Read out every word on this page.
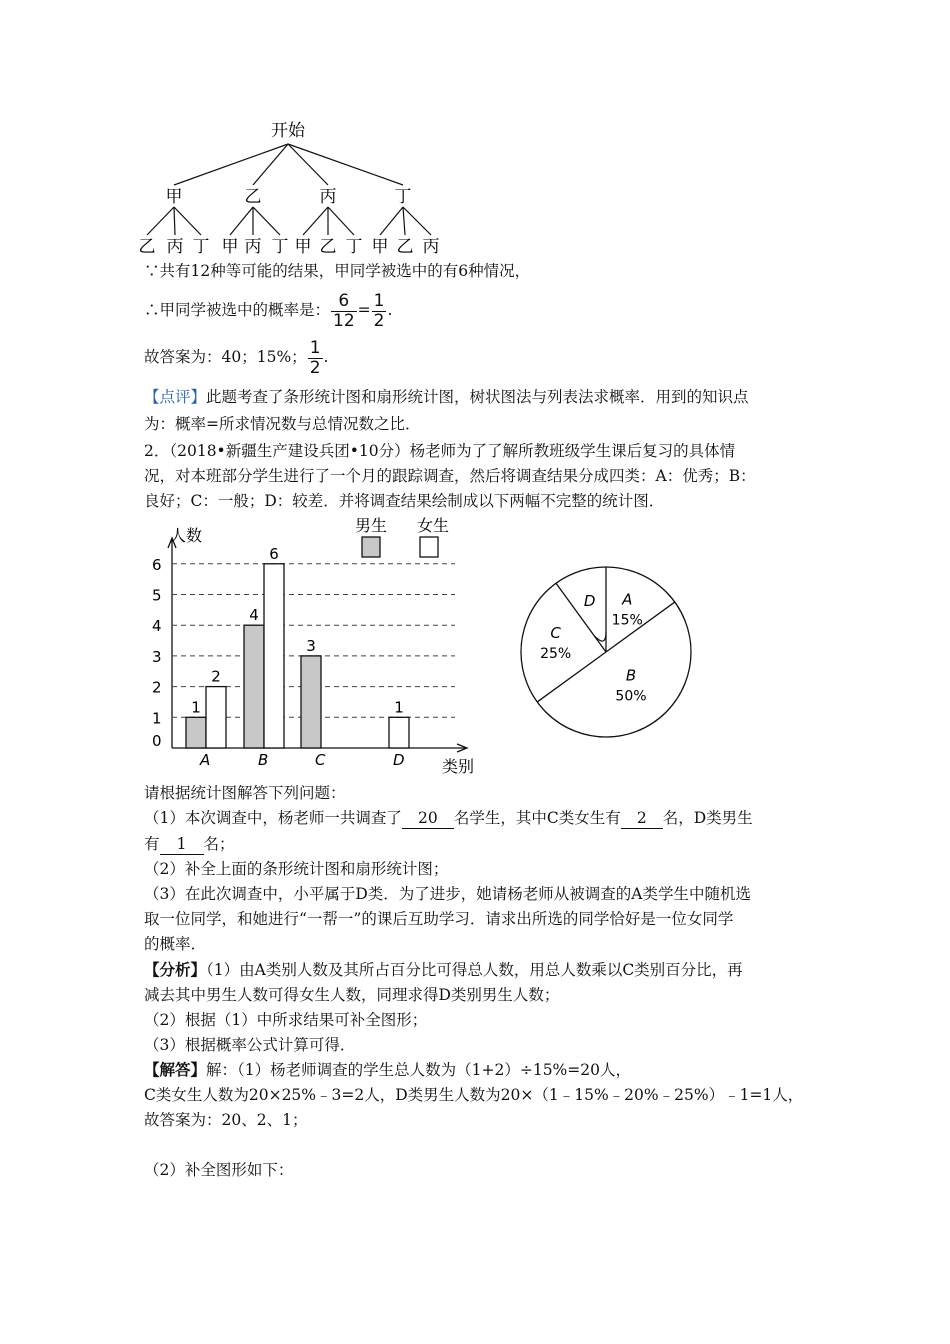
开始
甲	乙	丙	丁
乙 丙 丁 甲 丙 丁 甲 乙 丁 甲 乙 丙
∵共有12种等可能的结果，甲同学被选中的有6种情况，
∴甲同学被选中的概率是： $\frac{6}{12} = \frac{1}{2}$ .
故答案为：40；15%； $\frac{1}{2}$ .
【点评】此题考查了条形统计图和扇形统计图，树状图法与列表法求概率．用到的知识点
为：概率=所求情况数与总情况数之比．
2．（2018•新疆生产建设兵团•10分）杨老师为了了解所教班级学生课后复习的具体情
况，对本班部分学生进行了一个月的跟踪调查，然后将调查结果分成四类：A：优秀；B：
良好；C：一般；D：较差．并将调查结果绘制成以下两幅不完整的统计图．
人数
类别
0
1
2
3
4
5
6
1
4
3
2
6
1
A	B	C	D
男生 女生
A
15%
B
50%
C
25%
D
请根据统计图解答下列问题：
（1）本次调查中，杨老师一共调查了 20 名学生，其中C类女生有 2 名，D类男生
有 1 名；
（2）补全上面的条形统计图和扇形统计图；
（3）在此次调查中，小平属于D类．为了进步，她请杨老师从被调查的A类学生中随机选
取一位同学，和她进行“一帮一”的课后互助学习．请求出所选的同学恰好是一位女同学
的概率．
【分析】（1）由A类别人数及其所占百分比可得总人数，用总人数乘以C类别百分比，再
减去其中男生人数可得女生人数，同理求得D类别男生人数；
（2）根据（1）中所求结果可补全图形；
（3）根据概率公式计算可得．
【解答】解：（1）杨老师调查的学生总人数为（1+2）÷15%=20人，
C类女生人数为20×25%﹣3=2人，D类男生人数为20×（1﹣15%﹣20%﹣25%）﹣1=1人，
故答案为：20、2、1；
（2）补全图形如下：
